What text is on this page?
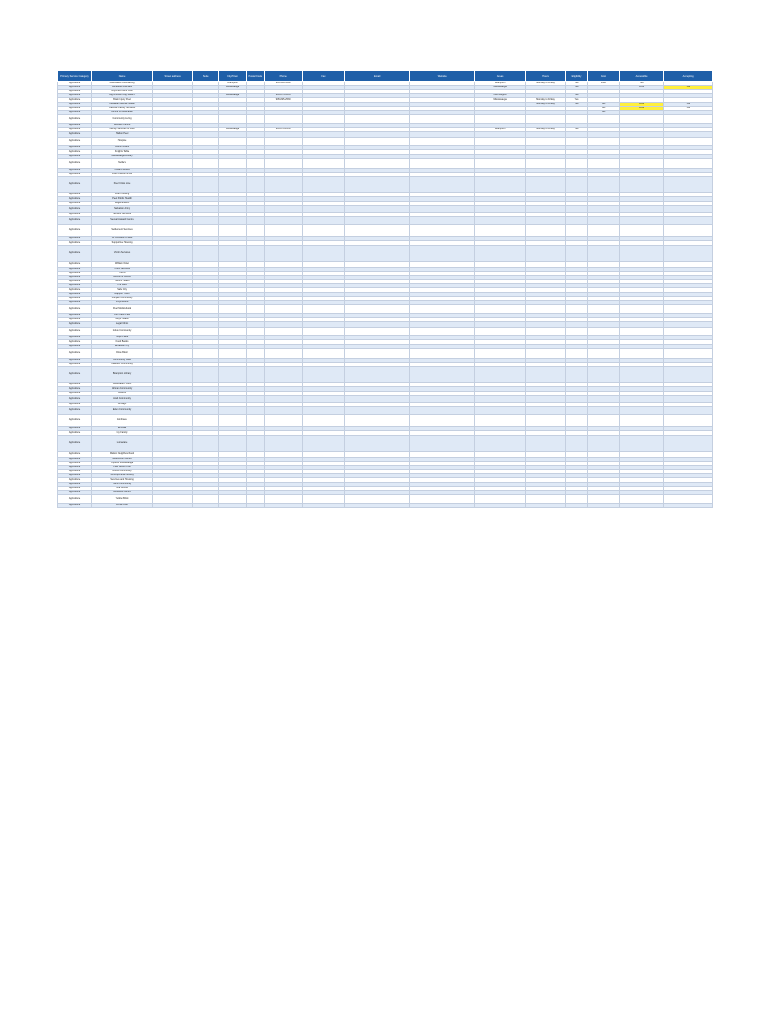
Primary Service Category	Name	Street address	Suite	City/Town	Postal Code	Phone	Fax	Email	Website	Areas	Hours	Eligibility	Cost	Accessible	Accepting
Agriculture	Associated Counselling			Brampton		905-459-4580				Brampton	Monday to Friday	Yes	Free	Yes	
Agriculture	Bereaved Families			Mississauga						Mississauga		Yes		Free	Yes
Agriculture	Boys and Girls Club														
Agriculture	Big Brothers Big Sisters			Mississauga		905-275-6335				Peel Region		Yes			
Agriculture	Brain Injury Peel					905-825-2530				Mississauga	Monday to Friday	Yes			
Agriculture	Canadian Mental Health										Monday to Friday	Yes	Yes	Free	Yes
Agriculture	Catholic Family Services												Yes	Free	Yes
Agriculture	Centre for Education												Yes		
Agriculture	Community Living														
Agriculture	Distress Centre														
Agriculture	Family Services of Peel			Mississauga		905-270-2250				Brampton	Monday to Friday	Yes			
Agriculture	Halton Peel														
Agriculture	Hospice														
Agriculture	Interim Place														
Agriculture	Knights Table														
Agriculture	Mississauga Library														
Agriculture	Nellie's														
Agriculture	Ontario Works														
Agriculture	Peel Children's Aid														
Agriculture	Peel Crisis Line														
Agriculture	Peel Housing														
Agriculture	Peel Public Health														
Agriculture	Regeneration														
Agriculture	Salvation Army														
Agriculture	Seniors Services														
Agriculture	Sexual Assault Centre														
Agriculture	Settlement Services														
Agriculture	St. Leonard's Place														
Agriculture	Supportive Housing														
Agriculture	Victim Services														
Agriculture	William Osler														
Agriculture	Youth Services														
Agriculture	YMCA														
Agriculture	Women's Centre														
Agriculture	Trillium Health														
Agriculture	The Dam														
Agriculture	Safe City														
Agriculture	Rapport Youth														
Agriculture	Punjabi Community														
Agriculture	Polycultural														
Agriculture	Peel Multicultural														
Agriculture	Our Place Peel														
Agriculture	Moyo Health														
Agriculture	Legal Clinic														
Agriculture	Indus Community														
Agriculture	Hope Place														
Agriculture	Food Banks														
Agriculture	Elizabeth Fry														
Agriculture	Dixie Bloor														
Agriculture	Community Care														
Agriculture	Caledon Community														
Agriculture	Brampton Library														
Agriculture	Associated Youth														
Agriculture	African Community														
Agriculture	Ascend														
Agriculture	Arab Community														
Agriculture	Armagh														
Agriculture	Eden Community														
Agriculture	Embrave														
Agriculture	Erinoak														
Agriculture	Ivy Family														
Agriculture	Lumacare														
Agriculture	Malton Neighbourhood														
Agriculture	Newcomer Centre														
Agriculture	Options Mississauga														
Agriculture	Peel Senior Link														
Agriculture	Roots Community														
Agriculture	Schizophrenia Society														
Agriculture	Services and Housing														
Agriculture	Tamil Community														
Agriculture	Vita Centre														
Agriculture	Wellness Centre														
Agriculture	Yellow Brick														
Agriculture	Zonta Club														
